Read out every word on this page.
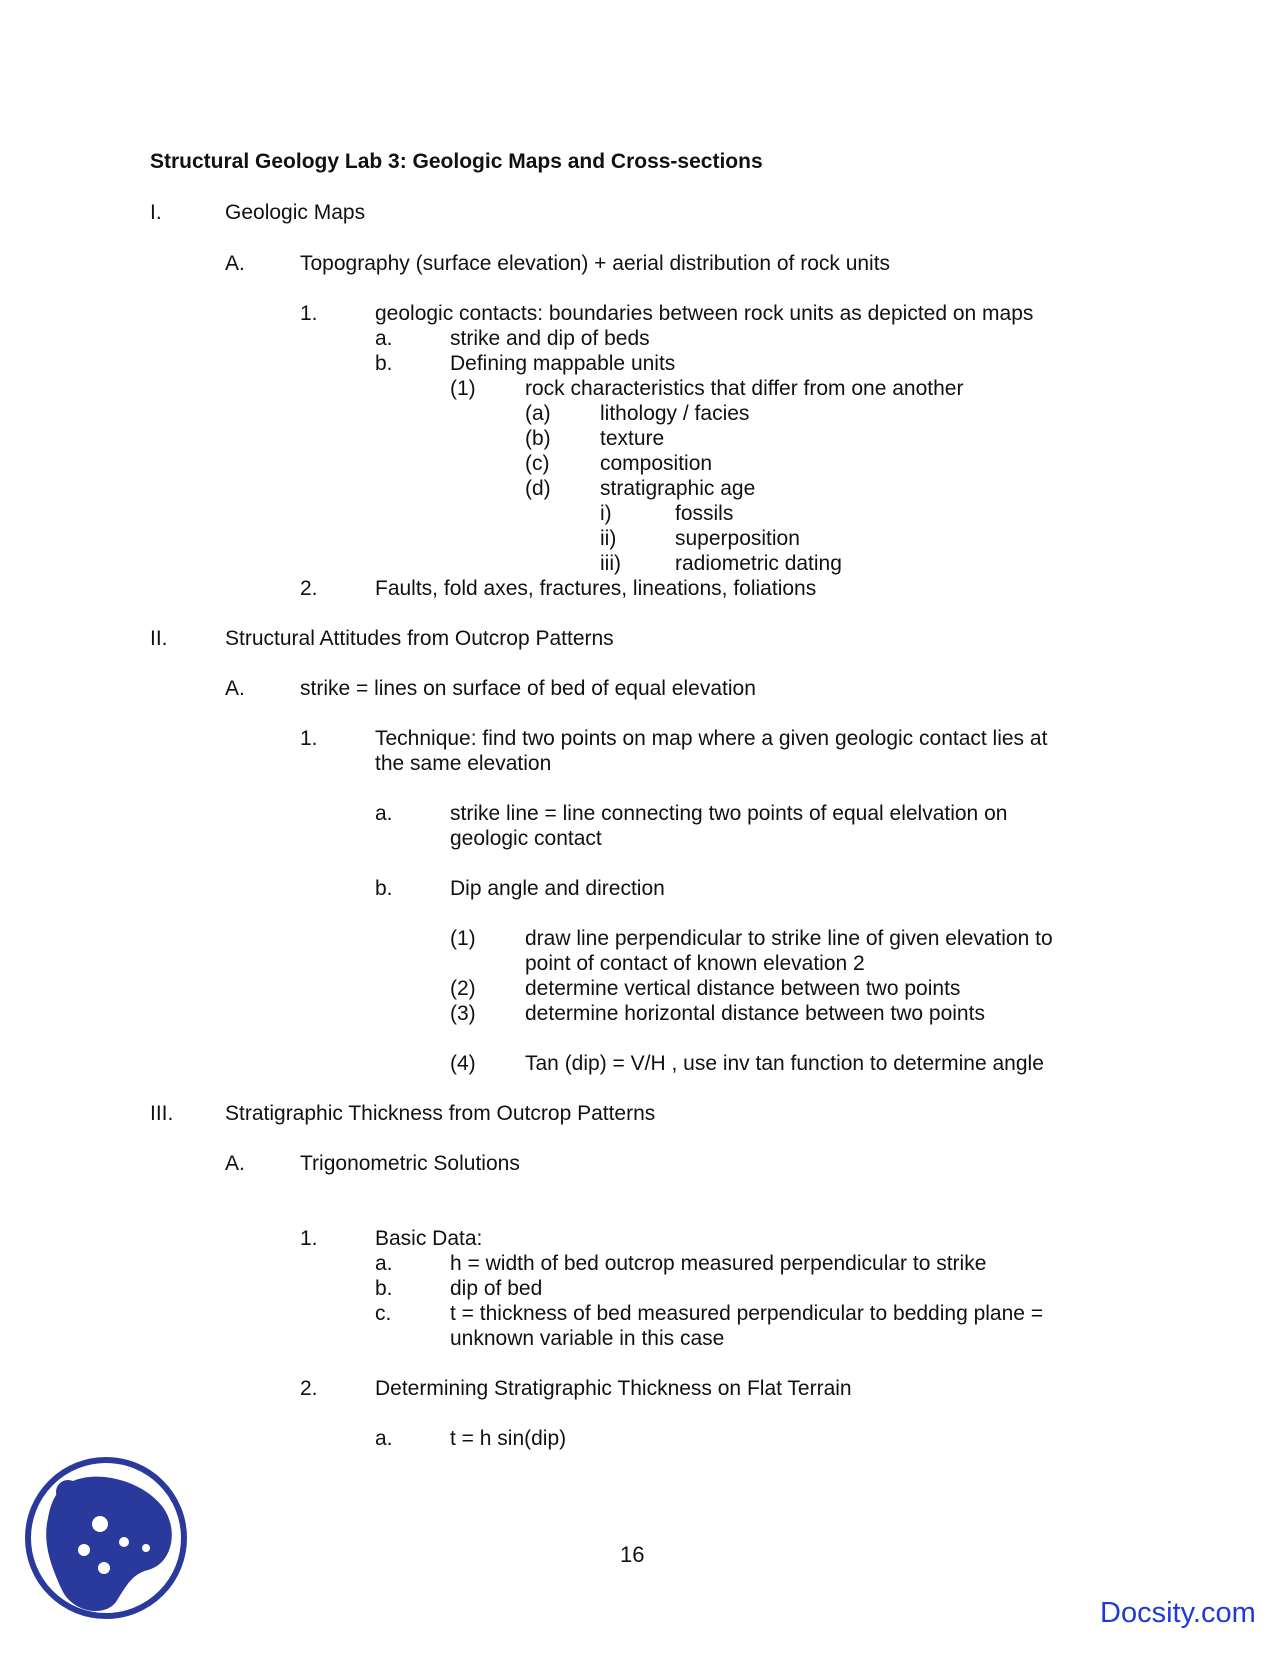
Structural Geology Lab 3: Geologic Maps and Cross-sections
I.	Geologic Maps
A.	Topography (surface elevation) + aerial distribution of rock units
1.	geologic contacts: boundaries between rock units as depicted on maps
a.	strike and dip of beds
b.	Defining mappable units
(1) rock characteristics that differ from one another
(a) lithology / facies
(b) texture
(c) composition
(d) stratigraphic age
i)	fossils
ii)	superposition
iii)	radiometric dating
2.	Faults, fold axes, fractures, lineations, foliations
II.	Structural Attitudes from Outcrop Patterns
A.	strike = lines on surface of bed of equal elevation
1.	Technique: find two points on map where a given geologic contact lies at
the same elevation
a.	strike line = line connecting two points of equal elelvation on
geologic contact
b.	Dip angle and direction
(1) draw line perpendicular to strike line of given elevation to
point of contact of known elevation 2
(2) determine vertical distance between two points
(3) determine horizontal distance between two points
(4) Tan (dip) = V/H , use inv tan function to determine angle
III. Stratigraphic Thickness from Outcrop Patterns
A.	Trigonometric Solutions
1.	Basic Data:
a.	h = width of bed outcrop measured perpendicular to strike
b.	dip of bed
c.	t = thickness of bed measured perpendicular to bedding plane =
unknown variable in this case
2.	Determining Stratigraphic Thickness on Flat Terrain
a.	t = h sin(dip)
16
Docsity.com
